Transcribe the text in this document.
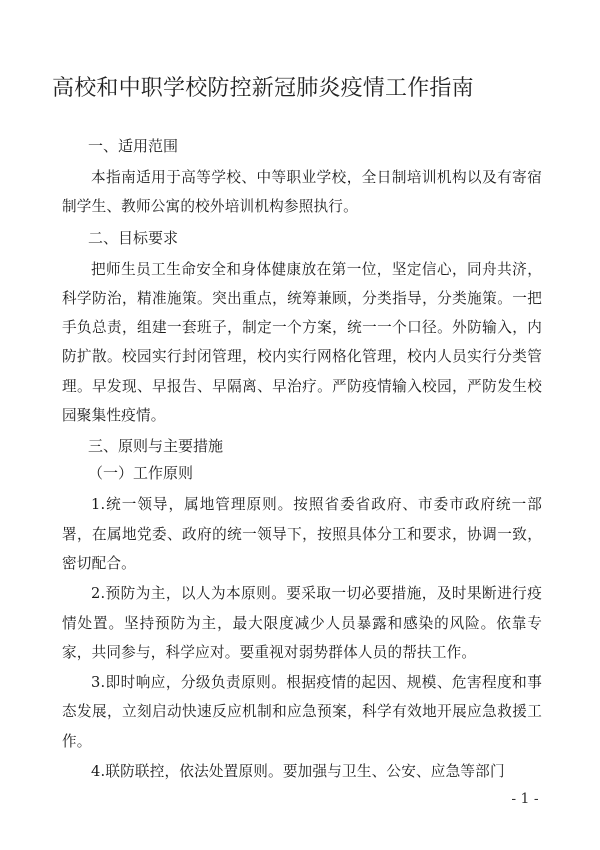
高校和中职学校防控新冠肺炎疫情工作指南
一、适用范围

本指南适用于高等学校、中等职业学校，全日制培训机构以及有寄宿制学生、教师公寓的校外培训机构参照执行。

二、目标要求

把师生员工生命安全和身体健康放在第一位，坚定信心，同舟共济，科学防治，精准施策。突出重点，统筹兼顾，分类指导，分类施策。一把手负总责，组建一套班子，制定一个方案，统一一个口径。外防输入，内防扩散。校园实行封闭管理，校内实行网格化管理，校内人员实行分类管理。早发现、早报告、早隔离、早治疗。严防疫情输入校园，严防发生校园聚集性疫情。

三、原则与主要措施
（一）工作原则

1.统一领导，属地管理原则。按照省委省政府、市委市政府统一部署，在属地党委、政府的统一领导下，按照具体分工和要求，协调一致，密切配合。

2.预防为主，以人为本原则。要采取一切必要措施，及时果断进行疫情处置。坚持预防为主，最大限度减少人员暴露和感染的风险。依靠专家，共同参与，科学应对。要重视对弱势群体人员的帮扶工作。

3.即时响应，分级负责原则。根据疫情的起因、规模、危害程度和事态发展，立刻启动快速反应机制和应急预案，科学有效地开展应急救援工作。

4.联防联控，依法处置原则。要加强与卫生、公安、应急等部门

- 1 -
